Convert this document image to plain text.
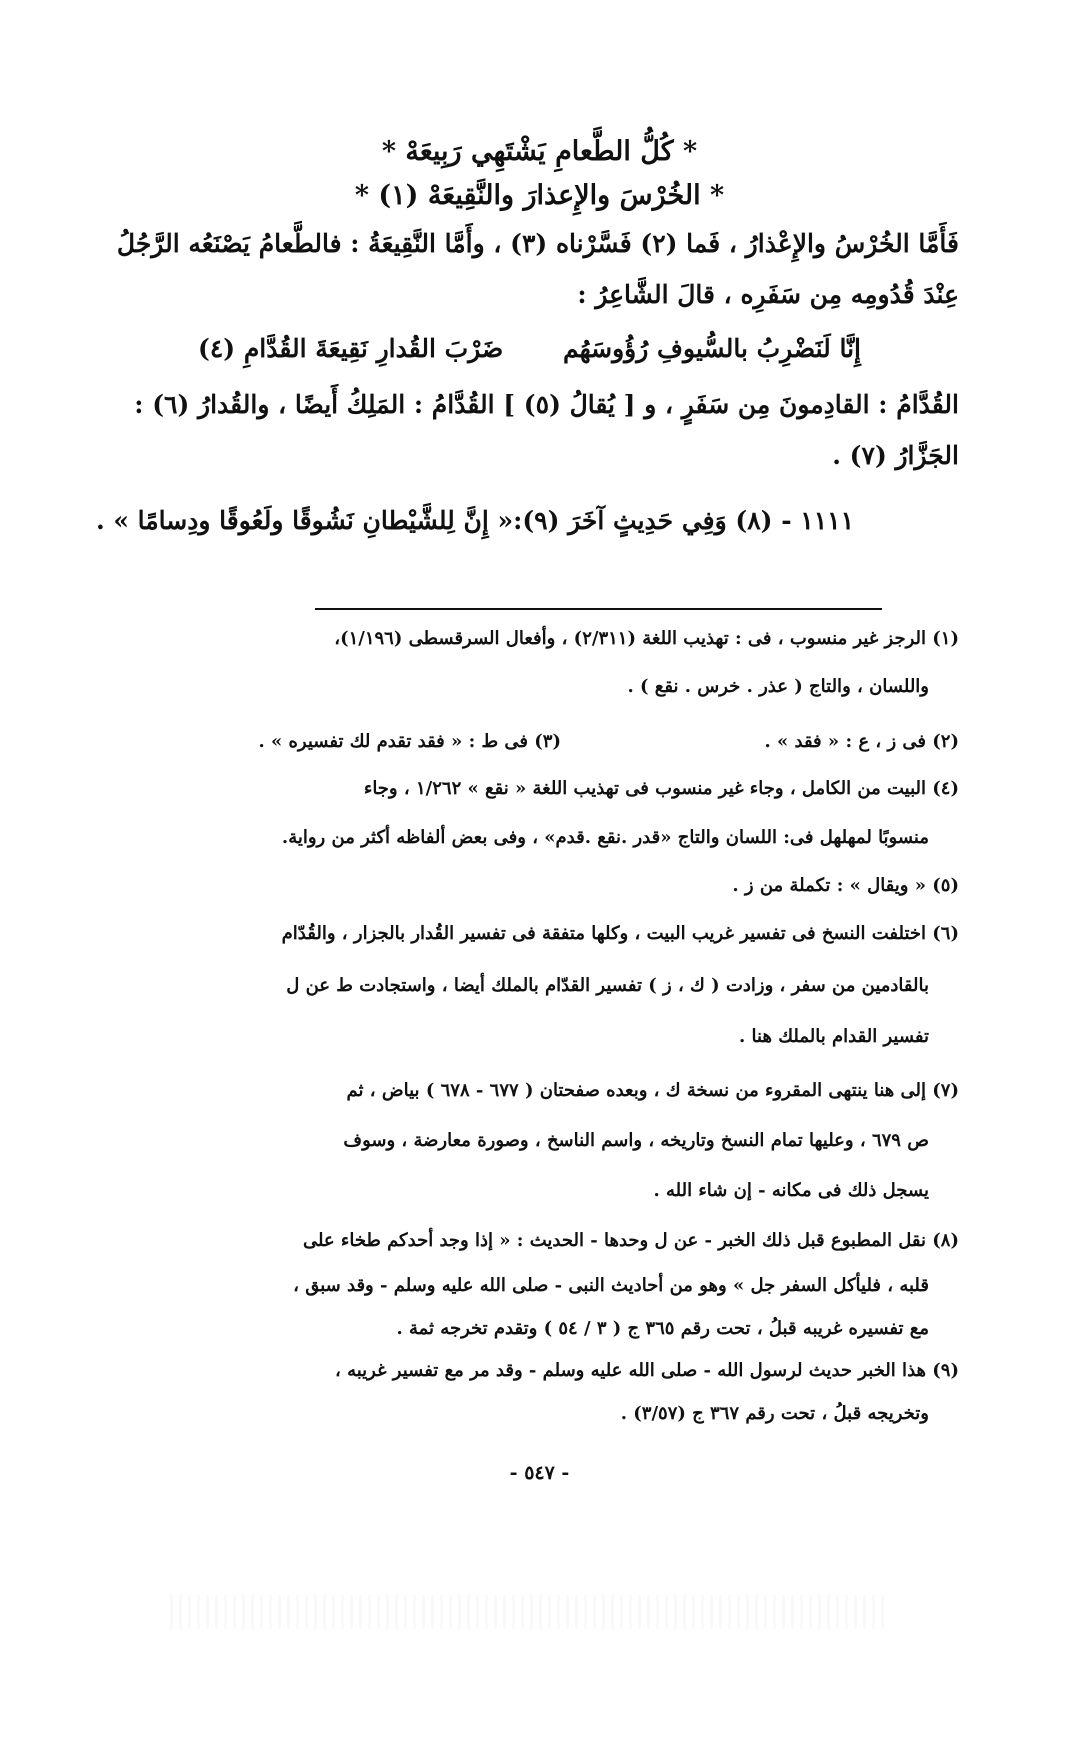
* كُلُّ الطَّعامِ يَشْتَهِي رَبِيعَهْ *
* الخُرْسَ والإِعذارَ والنَّقِيعَهْ (١) *
فَأَمَّا الخُرْسُ والإِعْذارُ ، فَما (٢) فَسَّرْناه (٣) ، وأَمَّا النَّقِيعَةُ : فالطَّعامُ يَصْنَعُه الرَّجُلُ
عِنْدَ قُدُومِه مِن سَفَرِه ، قالَ الشَّاعِرُ :
إِنَّا لَنَضْرِبُ بالسُّيوفِ رُؤُوسَهُم
ضَرْبَ القُدارِ نَقِيعَةَ القُدَّامِ (٤)
القُدَّامُ : القادِمونَ مِن سَفَرٍ ، و [ يُقالُ (٥) ] القُدَّامُ : المَلِكُ أَيضًا ، والقُدارُ (٦) :
الجَزَّارُ (٧) .
١١١١ - (٨) وَفِي حَدِيثٍ آخَرَ (٩):« إِنَّ لِلشَّيْطانِ نَشُوقًا ولَعُوقًا ودِسامًا » .
(١) الرجز غير منسوب ، فى : تهذيب اللغة (٢/٣١١) ، وأفعال السرقسطى (١/١٩٦)،
واللسان ، والتاج ( عذر . خرس . نقع ) .
(٢) فى ز ، ع : « فقد » .
(٣) فى ط : « فقد تقدم لك تفسيره » .
(٤) البيت من الكامل ، وجاء غير منسوب فى تهذيب اللغة « نقع » ١/٢٦٢ ، وجاء
منسوبًا لمهلهل فى: اللسان والتاج «قدر .نقع .قدم» ، وفى بعض ألفاظه أكثر من رواية.
(٥) « ويقال » : تكملة من ز .
(٦) اختلفت النسخ فى تفسير غريب البيت ، وكلها متفقة فى تفسير القُدار بالجزار ، والقُدّام
بالقادمين من سفر ، وزادت ( ك ، ز ) تفسير القدّام بالملك أيضا ، واستجادت ط عن ل
تفسير القدام بالملك هنا .
(٧) إلى هنا ينتهى المقروء من نسخة ك ، وبعده صفحتان ( ٦٧٧ - ٦٧٨ ) بياض ، ثم
ص ٦٧٩ ، وعليها تمام النسخ وتاريخه ، واسم الناسخ ، وصورة معارضة ، وسوف
يسجل ذلك فى مكانه - إن شاء الله .
(٨) نقل المطبوع قبل ذلك الخبر - عن ل وحدها - الحديث : « إذا وجد أحدكم طخاء على
قلبه ، فليأكل السفر جل » وهو من أحاديث النبى - صلى الله عليه وسلم - وقد سبق ،
مع تفسيره غريبه قبلُ ، تحت رقم ٣٦٥ ج ( ٣ / ٥٤ ) وتقدم تخرجه ثمة .
(٩) هذا الخبر حديث لرسول الله - صلى الله عليه وسلم - وقد مر مع تفسير غريبه ،
وتخريجه قبلُ ، تحت رقم ٣٦٧ ج (٣/٥٧) .
- ٥٤٧ -
